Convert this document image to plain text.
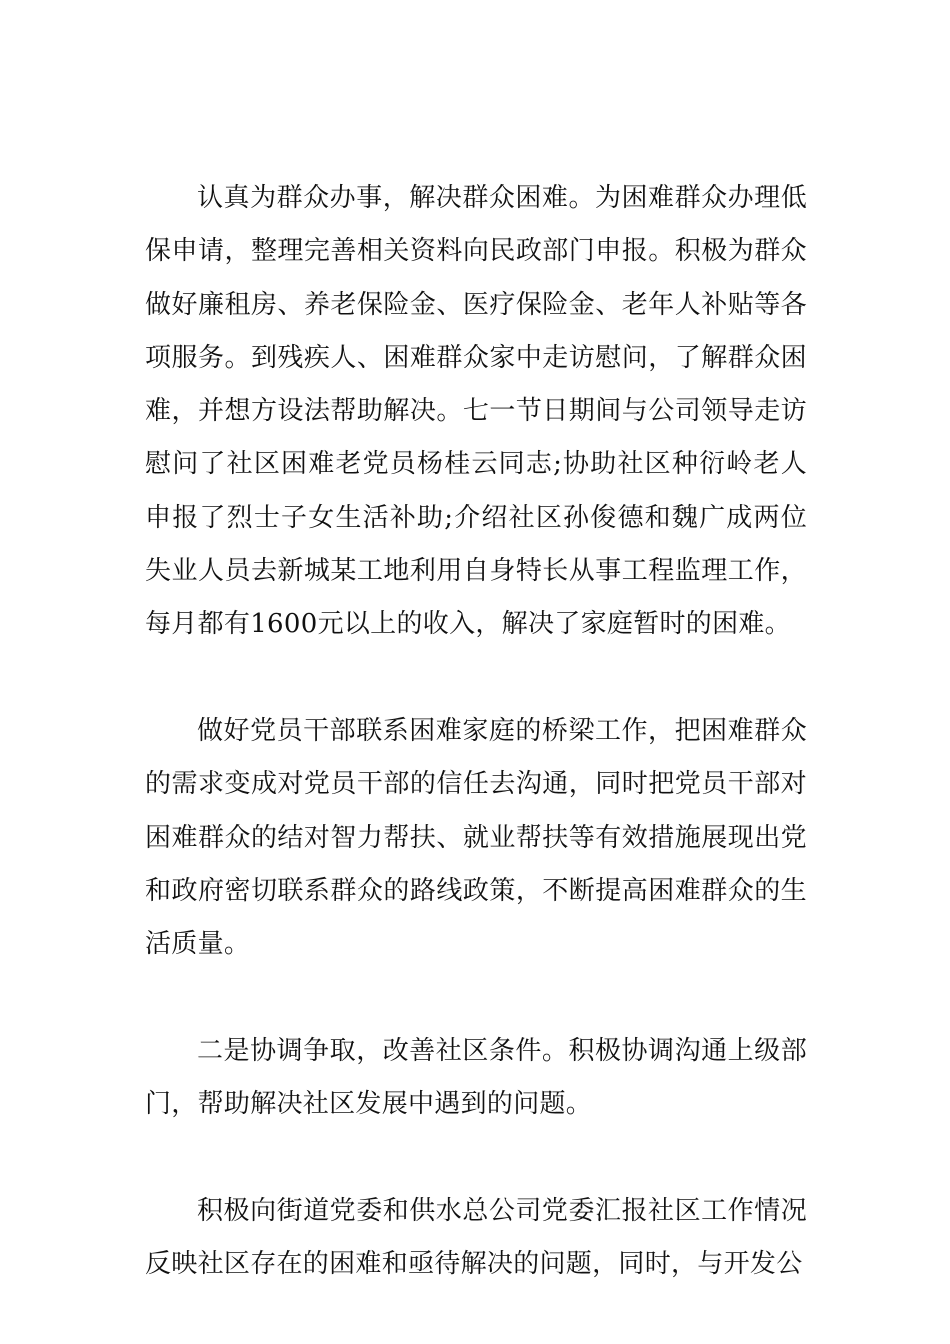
认真为群众办事，解决群众困难。为困难群众办理低保申请，整理完善相关资料向民政部门申报。积极为群众做好廉租房、养老保险金、医疗保险金、老年人补贴等各项服务。到残疾人、困难群众家中走访慰问，了解群众困难，并想方设法帮助解决。七一节日期间与公司领导走访慰问了社区困难老党员杨桂云同志;协助社区种衍岭老人申报了烈士子女生活补助;介绍社区孙俊德和魏广成两位失业人员去新城某工地利用自身特长从事工程监理工作，每月都有1600元以上的收入，解决了家庭暂时的困难。

做好党员干部联系困难家庭的桥梁工作，把困难群众的需求变成对党员干部的信任去沟通，同时把党员干部对困难群众的结对智力帮扶、就业帮扶等有效措施展现出党和政府密切联系群众的路线政策，不断提高困难群众的生活质量。

二是协调争取，改善社区条件。积极协调沟通上级部门，帮助解决社区发展中遇到的问题。

积极向街道党委和供水总公司党委汇报社区工作情况反映社区存在的困难和亟待解决的问题，同时，与开发公
